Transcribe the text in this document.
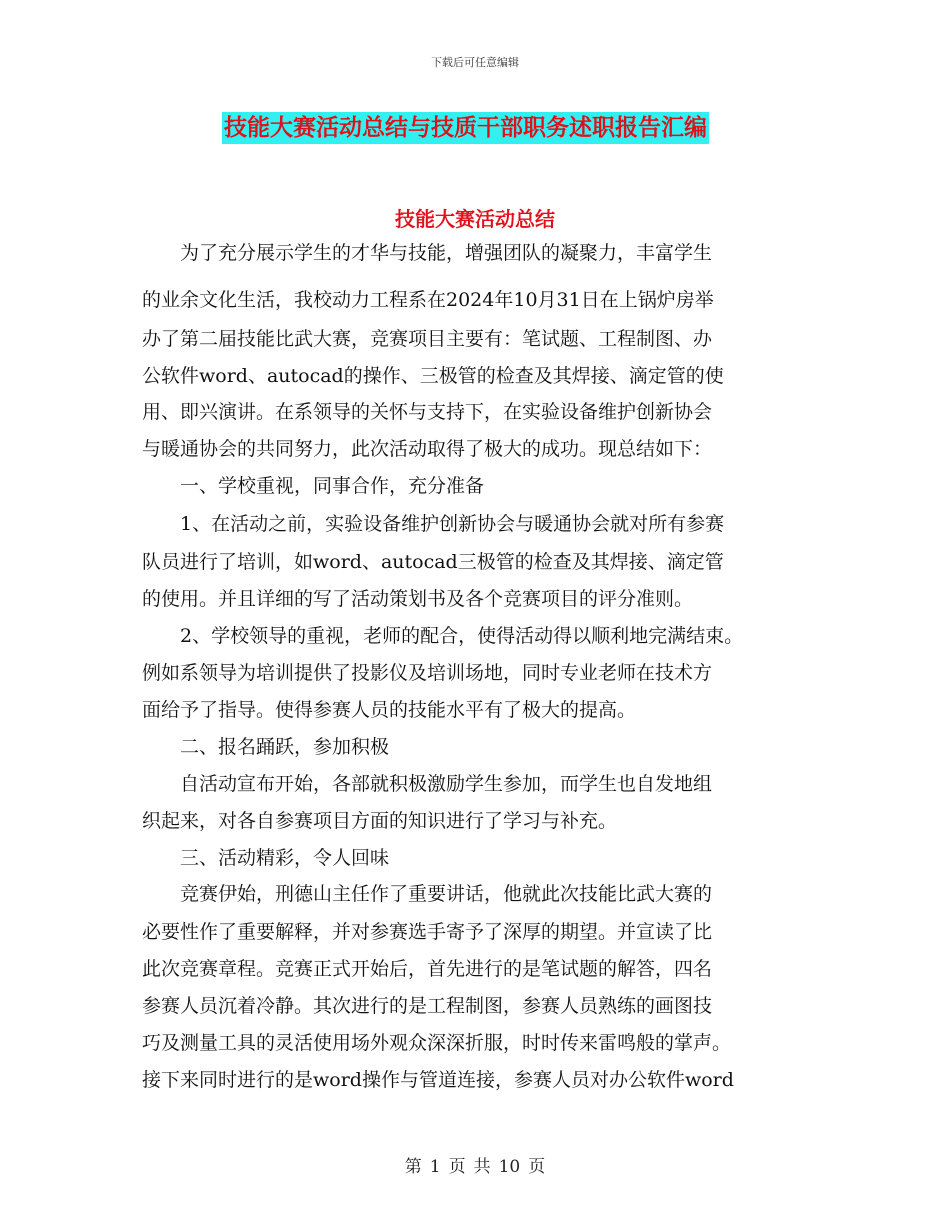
下载后可任意编辑
技能大赛活动总结与技质干部职务述职报告汇编
技能大赛活动总结
　　为了充分展示学生的才华与技能，增强团队的凝聚力，丰富学生
的业余文化生活，我校动力工程系在2024年10月31日在上锅炉房举
办了第二届技能比武大赛，竞赛项目主要有：笔试题、工程制图、办
公软件word、autocad的操作、三极管的检查及其焊接、滴定管的使
用、即兴演讲。在系领导的关怀与支持下，在实验设备维护创新协会
与暖通协会的共同努力，此次活动取得了极大的成功。现总结如下：
　　一、学校重视，同事合作，充分准备
　　1、在活动之前，实验设备维护创新协会与暖通协会就对所有参赛
队员进行了培训，如word、autocad三极管的检查及其焊接、滴定管
的使用。并且详细的写了活动策划书及各个竞赛项目的评分准则。
　　2、学校领导的重视，老师的配合，使得活动得以顺利地完满结束。
例如系领导为培训提供了投影仪及培训场地，同时专业老师在技术方
面给予了指导。使得参赛人员的技能水平有了极大的提高。
　　二、报名踊跃，参加积极
　　自活动宣布开始，各部就积极激励学生参加，而学生也自发地组
织起来，对各自参赛项目方面的知识进行了学习与补充。
　　三、活动精彩，令人回味
　　竞赛伊始，刑德山主任作了重要讲话，他就此次技能比武大赛的
必要性作了重要解释，并对参赛选手寄予了深厚的期望。并宣读了比
此次竞赛章程。竞赛正式开始后，首先进行的是笔试题的解答，四名
参赛人员沉着冷静。其次进行的是工程制图，参赛人员熟练的画图技
巧及测量工具的灵活使用场外观众深深折服，时时传来雷鸣般的掌声。
接下来同时进行的是word操作与管道连接，参赛人员对办公软件word
第 1 页 共 10 页
